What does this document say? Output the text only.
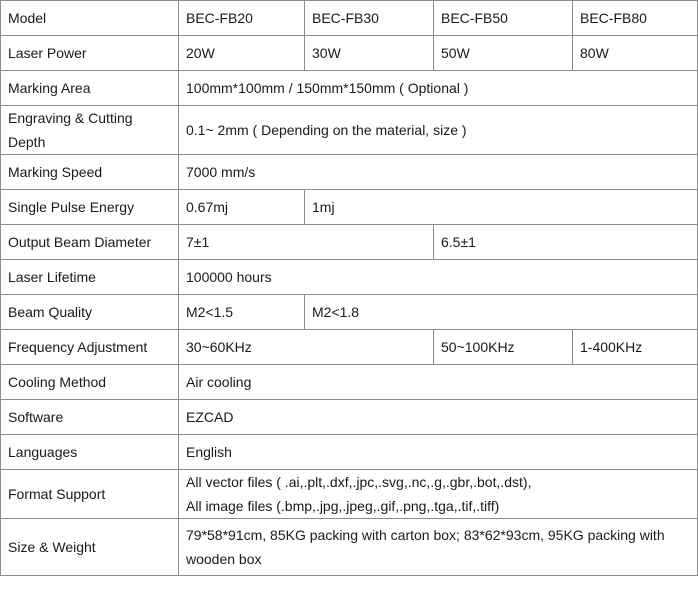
Model	BEC-FB20	BEC-FB30	BEC-FB50	BEC-FB80
Laser Power	20W	30W	50W	80W
Marking Area	100mm*100mm / 150mm*150mm ( Optional )			
Engraving & Cutting Depth	0.1~ 2mm ( Depending on the material, size )			
Marking Speed	7000 mm/s			
Single Pulse Energy	0.67mj	1mj		
Output Beam Diameter	7±1		6.5±1	
Laser Lifetime	100000 hours			
Beam Quality	M2<1.5	M2<1.8		
Frequency Adjustment	30~60KHz		50~100KHz	1-400KHz
Cooling Method	Air cooling			
Software	EZCAD			
Languages	English			
Format Support	All vector files ( .ai,.plt,.dxf,.jpc,.svg,.nc,.g,.gbr,.bot,.dst),
All image files (.bmp,.jpg,.jpeg,.gif,.png,.tga,.tif,.tiff)			

Size & Weight	79*58*91cm, 85KG packing with carton box; 83*62*93cm, 95KG packing with
wooden box			
